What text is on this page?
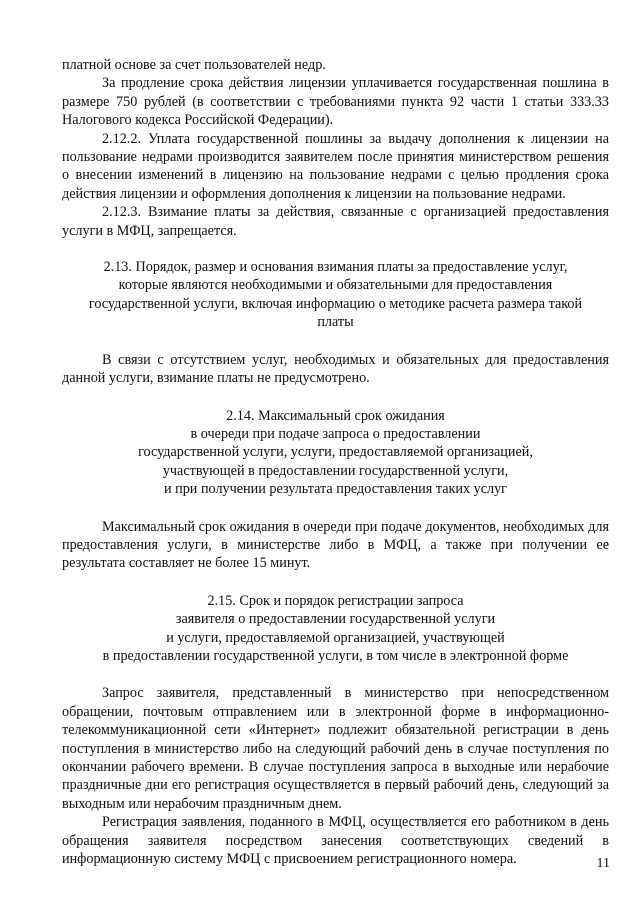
платной основе за счет пользователей недр.

За продление срока действия лицензии уплачивается государственная пошлина в размере 750 рублей (в соответствии с требованиями пункта 92 части 1 статьи 333.33 Налогового кодекса Российской Федерации).

2.12.2. Уплата государственной пошлины за выдачу дополнения к лицензии на пользование недрами производится заявителем после принятия министерством решения о внесении изменений в лицензию на пользование недрами с целью продления срока действия лицензии и оформления дополнения к лицензии на пользование недрами.

2.12.3. Взимание платы за действия, связанные с организацией предоставления услуги в МФЦ, запрещается.

2.13. Порядок, размер и основания взимания платы за предоставление услуг,
которые являются необходимыми и обязательными для предоставления
государственной услуги, включая информацию о методике расчета размера такой
платы

В связи с отсутствием услуг, необходимых и обязательных для предоставления данной услуги, взимание платы не предусмотрено.

2.14. Максимальный срок ожидания
в очереди при подаче запроса о предоставлении
государственной услуги, услуги, предоставляемой организацией,
участвующей в предоставлении государственной услуги,
и при получении результата предоставления таких услуг

Максимальный срок ожидания в очереди при подаче документов, необходимых для предоставления услуги, в министерстве либо в МФЦ, а также при получении ее результата составляет не более 15 минут.

2.15. Срок и порядок регистрации запроса
заявителя о предоставлении государственной услуги
и услуги, предоставляемой организацией, участвующей
в предоставлении государственной услуги, в том числе в электронной форме

Запрос заявителя, представленный в министерство при непосредственном обращении, почтовым отправлением или в электронной форме в информационно-телекоммуникационной сети «Интернет» подлежит обязательной регистрации в день поступления в министерство либо на следующий рабочий день в случае поступления по окончании рабочего времени. В случае поступления запроса в выходные или нерабочие праздничные дни его регистрация осуществляется в первый рабочий день, следующий за выходным или нерабочим праздничным днем.

Регистрация заявления, поданного в МФЦ, осуществляется его работником в день обращения заявителя посредством занесения соответствующих сведений в информационную систему МФЦ с присвоением регистрационного номера.	11
